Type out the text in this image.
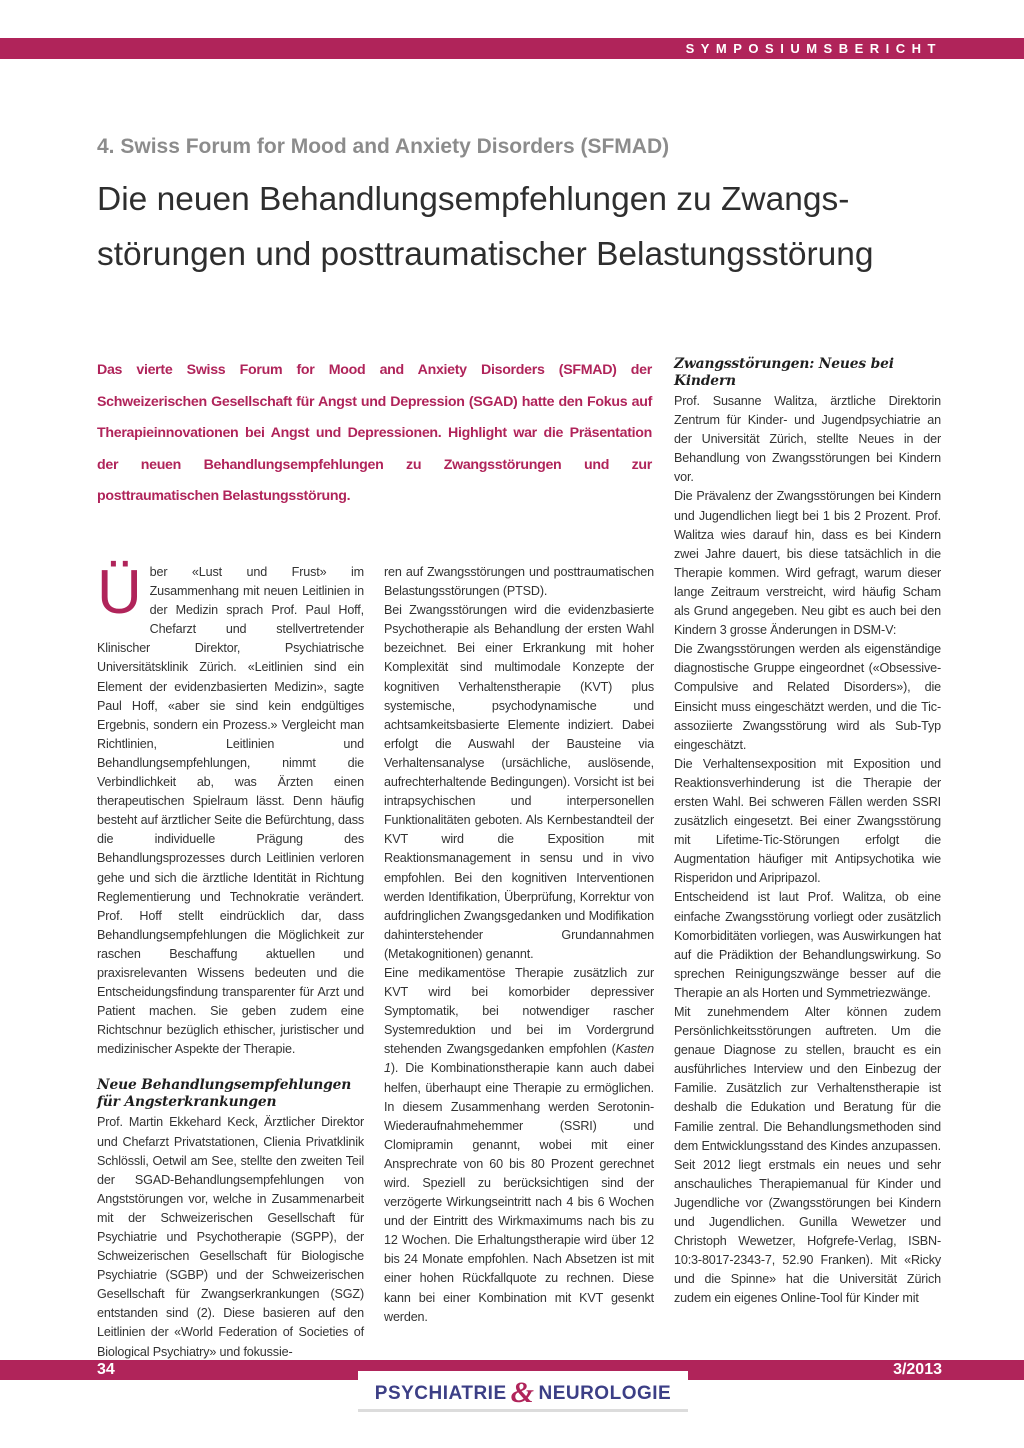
SYMPOSIUMSBERICHT
4. Swiss Forum for Mood and Anxiety Disorders (SFMAD)
Die neuen Behandlungsempfehlungen zu Zwangs-
störungen und posttraumatischer Belastungsstörung

Das vierte Swiss Forum for Mood and Anxiety Disorders (SFMAD) der Schweizerischen Gesellschaft für Angst und Depression (SGAD) hatte den Fokus auf Therapieinnovationen bei Angst und Depressionen. Highlight war die Präsentation der neuen Behandlungsempfehlungen zu Zwangsstörungen und zur posttraumatischen Belastungsstörung.

Über «Lust und Frust» im Zusammenhang mit neuen Leitlinien in der Medizin sprach Prof. Paul Hoff, Chefarzt und stellvertretender Klinischer Direktor, Psychiatrische Universitätsklinik Zürich. «Leitlinien sind ein Element der evidenzbasierten Medizin», sagte Paul Hoff, «aber sie sind kein endgültiges Ergebnis, sondern ein Prozess.» Vergleicht man Richtlinien, Leitlinien und Behandlungsempfehlungen, nimmt die Verbindlichkeit ab, was Ärzten einen therapeutischen Spielraum lässt. Denn häufig besteht auf ärztlicher Seite die Befürchtung, dass die individuelle Prägung des Behandlungsprozesses durch Leitlinien verloren gehe und sich die ärztliche Identität in Richtung Reglementierung und Technokratie verändert. Prof. Hoff stellt eindrücklich dar, dass Behandlungsempfehlungen die Möglichkeit zur raschen Beschaffung aktuellen und praxisrelevanten Wissens bedeuten und die Entscheidungsfindung transparenter für Arzt und Patient machen. Sie geben zudem eine Richtschnur bezüglich ethischer, juristischer und medizinischer Aspekte der Therapie.

Neue Behandlungsempfehlungen für Angsterkrankungen

Prof. Martin Ekkehard Keck, Ärztlicher Direktor und Chefarzt Privatstationen, Clienia Privatklinik Schlössli, Oetwil am See, stellte den zweiten Teil der SGAD-Behandlungsempfehlungen von Angststörungen vor, welche in Zusammenarbeit mit der Schweizerischen Gesellschaft für Psychiatrie und Psychotherapie (SGPP), der Schweizerischen Gesellschaft für Biologische Psychiatrie (SGBP) und der Schweizerischen Gesellschaft für Zwangserkrankungen (SGZ) entstanden sind (2). Diese basieren auf den Leitlinien der «World Federation of Societies of Biological Psychiatry» und fokussie-

ren auf Zwangsstörungen und posttraumatischen Belastungsstörungen (PTSD).

Bei Zwangsstörungen wird die evidenzbasierte Psychotherapie als Behandlung der ersten Wahl bezeichnet. Bei einer Erkrankung mit hoher Komplexität sind multimodale Konzepte der kognitiven Verhaltenstherapie (KVT) plus systemische, psychodynamische und achtsamkeitsbasierte Elemente indiziert. Dabei erfolgt die Auswahl der Bausteine via Verhaltensanalyse (ursächliche, auslösende, aufrechterhaltende Bedingungen). Vorsicht ist bei intrapsychischen und interpersonellen Funktionalitäten geboten. Als Kernbestandteil der KVT wird die Exposition mit Reaktionsmanagement in sensu und in vivo empfohlen. Bei den kognitiven Interventionen werden Identifikation, Überprüfung, Korrektur von aufdringlichen Zwangsgedanken und Modifikation dahinterstehender Grundannahmen (Metakognitionen) genannt.

Eine medikamentöse Therapie zusätzlich zur KVT wird bei komorbider depressiver Symptomatik, bei notwendiger rascher Systemreduktion und bei im Vordergrund stehenden Zwangsgedanken empfohlen (Kasten 1). Die Kombinationstherapie kann auch dabei helfen, überhaupt eine Therapie zu ermöglichen. In diesem Zusammenhang werden Serotonin-Wiederaufnahmehemmer (SSRI) und Clomipramin genannt, wobei mit einer Ansprechrate von 60 bis 80 Prozent gerechnet wird. Speziell zu berücksichtigen sind der verzögerte Wirkungseintritt nach 4 bis 6 Wochen und der Eintritt des Wirkmaximums nach bis zu 12 Wochen. Die Erhaltungstherapie wird über 12 bis 24 Monate empfohlen. Nach Absetzen ist mit einer hohen Rückfallquote zu rechnen. Diese kann bei einer Kombination mit KVT gesenkt werden.

Zwangsstörungen: Neues bei Kindern

Prof. Susanne Walitza, ärztliche Direktorin Zentrum für Kinder- und Jugendpsychiatrie an der Universität Zürich, stellte Neues in der Behandlung von Zwangsstörungen bei Kindern vor.

Die Prävalenz der Zwangsstörungen bei Kindern und Jugendlichen liegt bei 1 bis 2 Prozent. Prof. Walitza wies darauf hin, dass es bei Kindern zwei Jahre dauert, bis diese tatsächlich in die Therapie kommen. Wird gefragt, warum dieser lange Zeitraum verstreicht, wird häufig Scham als Grund angegeben. Neu gibt es auch bei den Kindern 3 grosse Änderungen in DSM-V:

Die Zwangsstörungen werden als eigenständige diagnostische Gruppe eingeordnet («Obsessive-Compulsive and Related Disorders»), die Einsicht muss eingeschätzt werden, und die Tic-assoziierte Zwangsstörung wird als Sub-Typ eingeschätzt.

Die Verhaltensexposition mit Exposition und Reaktionsverhinderung ist die Therapie der ersten Wahl. Bei schweren Fällen werden SSRI zusätzlich eingesetzt. Bei einer Zwangsstörung mit Lifetime-Tic-Störungen erfolgt die Augmentation häufiger mit Antipsychotika wie Risperidon und Aripripazol.

Entscheidend ist laut Prof. Walitza, ob eine einfache Zwangsstörung vorliegt oder zusätzlich Komorbiditäten vorliegen, was Auswirkungen hat auf die Prädiktion der Behandlungswirkung. So sprechen Reinigungszwänge besser auf die Therapie an als Horten und Symmetriezwänge.

Mit zunehmendem Alter können zudem Persönlichkeitsstörungen auftreten. Um die genaue Diagnose zu stellen, braucht es ein ausführliches Interview und den Einbezug der Familie. Zusätzlich zur Verhaltenstherapie ist deshalb die Edukation und Beratung für die Familie zentral. Die Behandlungsmethoden sind dem Entwicklungsstand des Kindes anzupassen. Seit 2012 liegt erstmals ein neues und sehr anschauliches Therapiemanual für Kinder und Jugendliche vor (Zwangsstörungen bei Kindern und Jugendlichen. Gunilla Wewetzer und Christoph Wewetzer, Hofgrefe-Verlag, ISBN-10:3-8017-2343-7, 52.90 Franken). Mit «Ricky und die Spinne» hat die Universität Zürich zudem ein eigenes Online-Tool für Kinder mit

34	3/2013
PSYCHIATRIE & NEUROLOGIE
